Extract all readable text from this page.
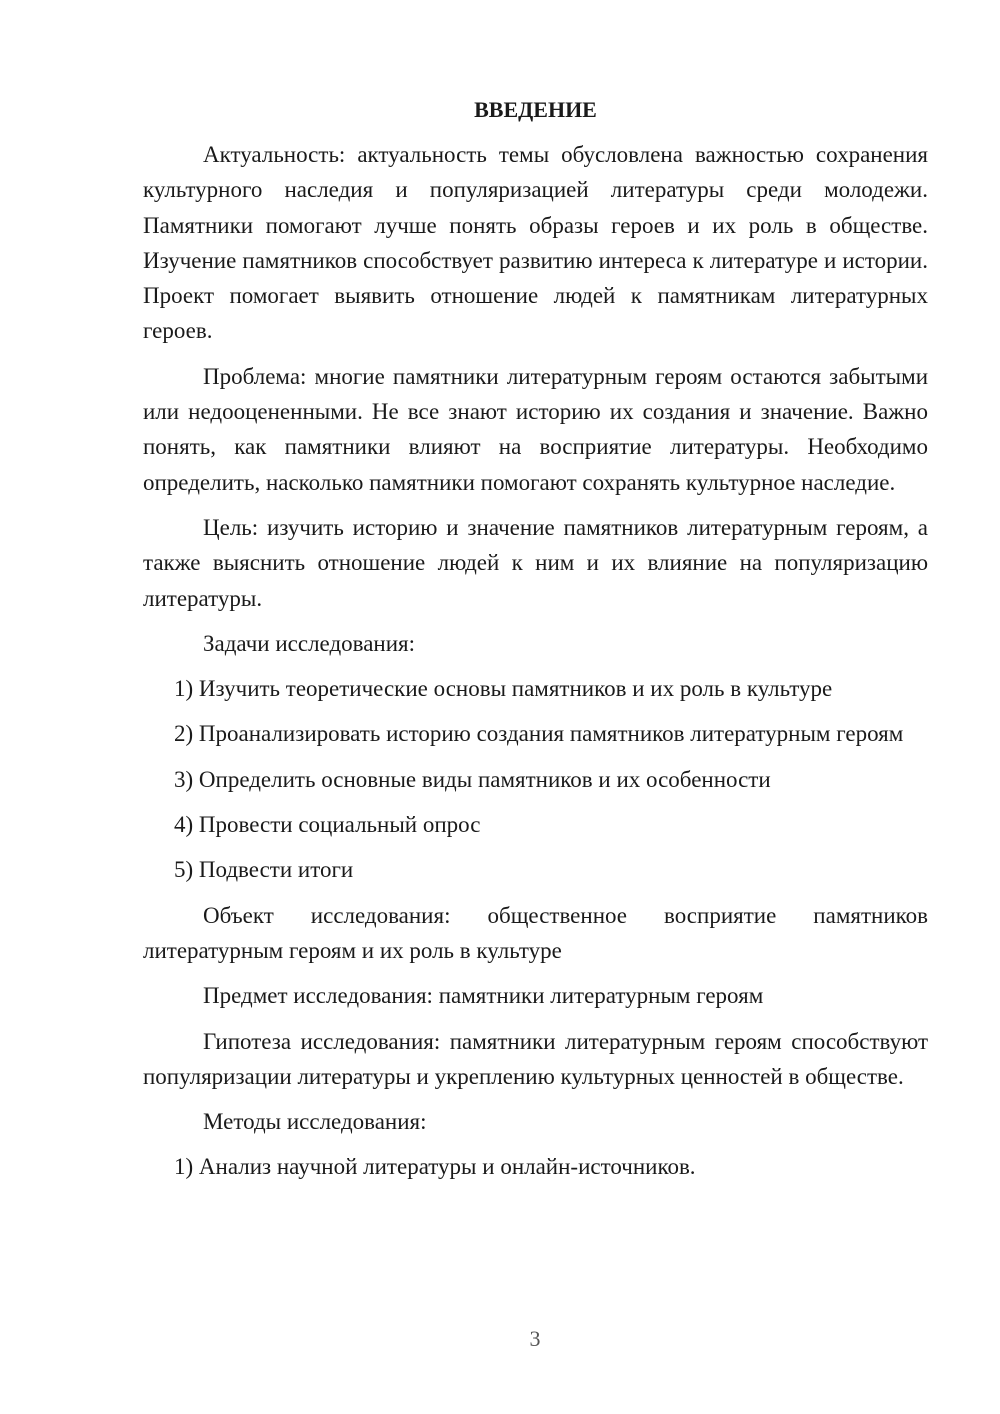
ВВЕДЕНИЕ

Актуальность: актуальность темы обусловлена важностью сохранения культурного наследия и популяризацией литературы среди молодежи. Памятники помогают лучше понять образы героев и их роль в обществе. Изучение памятников способствует развитию интереса к литературе и истории. Проект помогает выявить отношение людей к памятникам литературных героев.

Проблема: многие памятники литературным героям остаются забытыми или недооцененными. Не все знают историю их создания и значение. Важно понять, как памятники влияют на восприятие литературы. Необходимо определить, насколько памятники помогают сохранять культурное наследие.

Цель: изучить историю и значение памятников литературным героям, а также выяснить отношение людей к ним и их влияние на популяризацию литературы.

Задачи исследования:

1) Изучить теоретические основы памятников и их роль в культуре

2) Проанализировать историю создания памятников литературным героям

3) Определить основные виды памятников и их особенности

4) Провести социальный опрос

5) Подвести итоги

Объект исследования: общественное восприятие памятников литературным героям и их роль в культуре

Предмет исследования: памятники литературным героям

Гипотеза исследования: памятники литературным героям способствуют популяризации литературы и укреплению культурных ценностей в обществе.

Методы исследования:

1) Анализ научной литературы и онлайн-источников.

3
